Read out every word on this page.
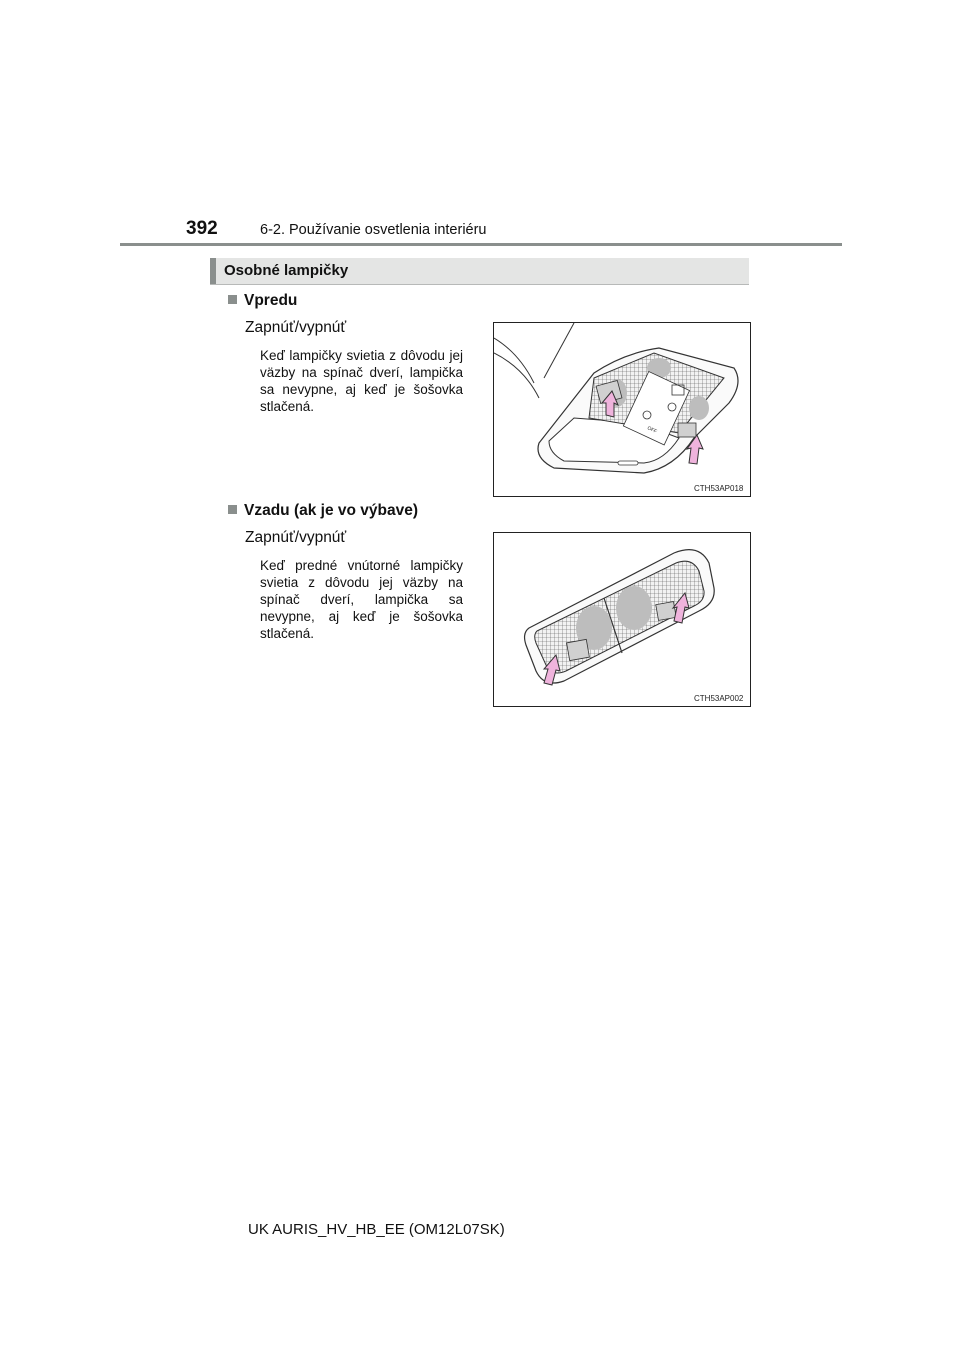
392	6-2. Používanie osvetlenia interiéru
Osobné lampičky
Vpredu
Zapnúť/vypnúť
Keď lampičky svietia z dôvodu jej väzby na spínač dverí, lampička sa nevypne, aj keď je šošovka stlačená.
OFF
CTH53AP018
Vzadu (ak je vo výbave)
Zapnúť/vypnúť
Keď predné vnútorné lampičky svietia z dôvodu jej väzby na spínač dverí, lampička sa nevypne, aj keď je šošovka stlačená.
CTH53AP002
UK AURIS_HV_HB_EE (OM12L07SK)
